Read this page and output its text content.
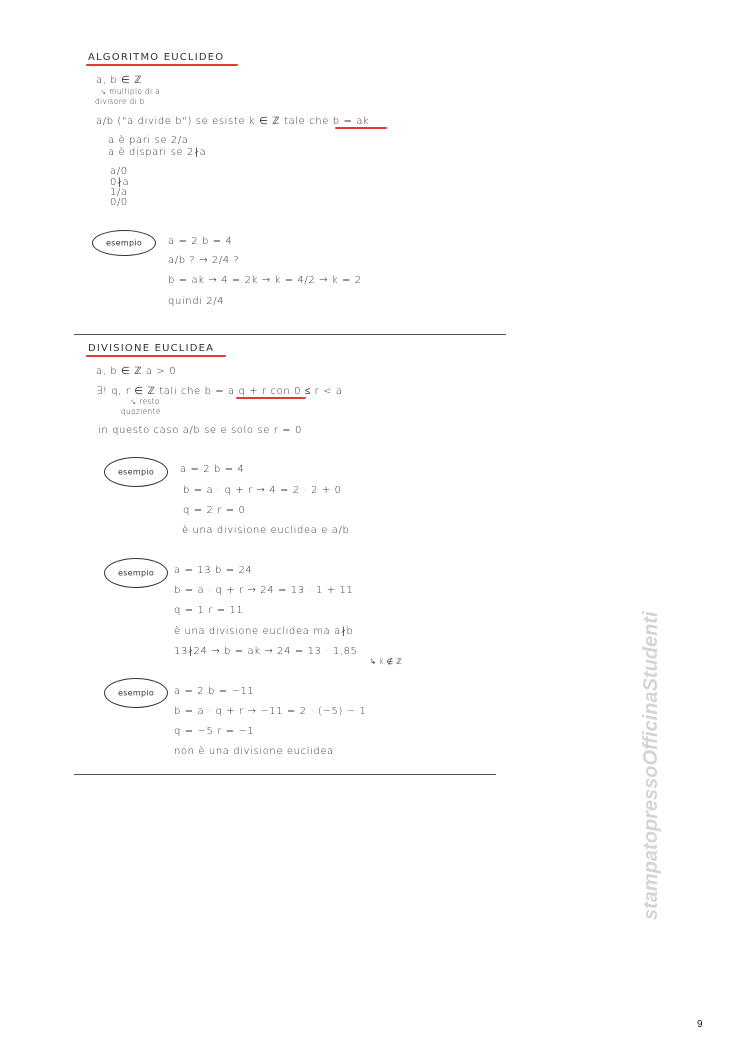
ALGORITMO EUCLIDEO
a, b ∈ ℤ
↘ multiplo di a
divisore di b
a/b ("a divide b") se esiste k ∈ ℤ tale che b = ak
a è pari se 2/a
a è dispari se 2∤a
a/0
0∤a
1/a
0/0
esempio	a = 2 b = 4
a/b ? → 2/4 ?
b = ak → 4 = 2k → k = 4/2 → k = 2
quindi 2/4
DIVISIONE EUCLIDEA
a, b ∈ ℤ a > 0
∃! q, r ∈ ℤ tali che b = a·q + r con 0 ≤ r < a
↘ resto
quoziente
in questo caso a/b se e solo se r = 0
esempio	a = 2 b = 4
b = a · q + r → 4 = 2 · 2 + 0
q = 2 r = 0
è una divisione euclidea e a/b
esempio	a = 13 b = 24
b = a · q + r → 24 = 13 · 1 + 11
q = 1 r = 11
è una divisione euclidea ma a∤b
13∤24 → b = ak → 24 = 13 · 1,85
↳ k ∉ ℤ
esempio	a = 2 b = −11
b = a · q + r → −11 = 2 · (−5) − 1
q = −5 r = −1
non è una divisione euclidea	stampatopressoOfficinaStudenti
9
